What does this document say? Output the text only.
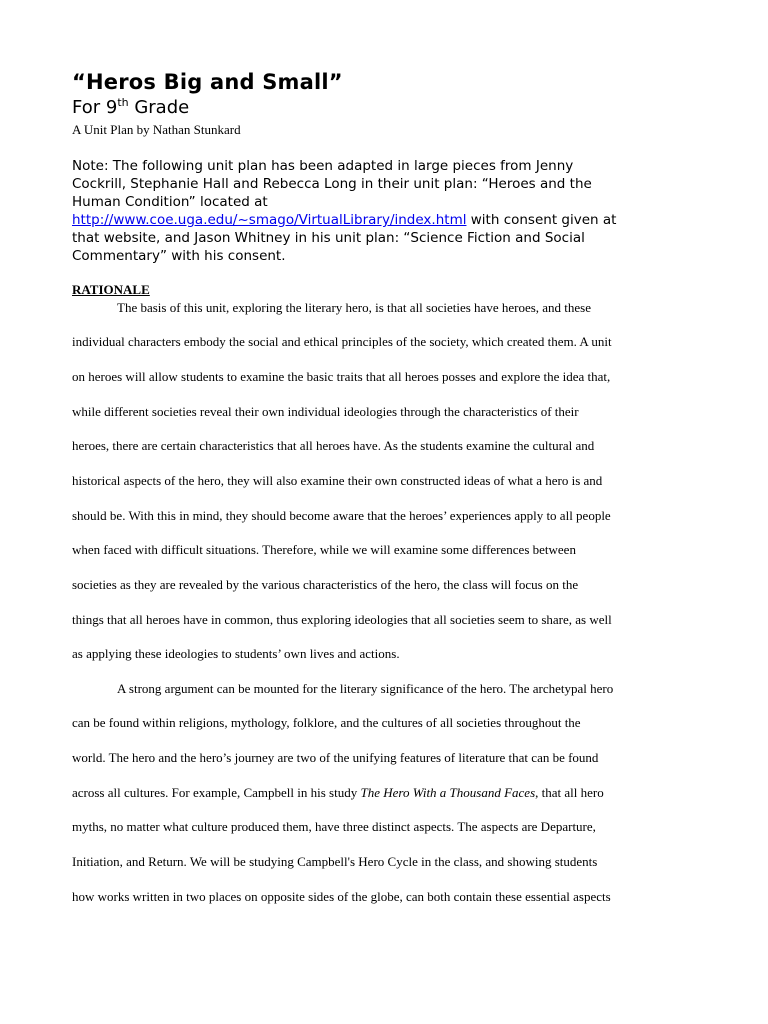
“Heros Big and Small”
For 9th Grade
A Unit Plan by Nathan Stunkard
Note: The following unit plan has been adapted in large pieces from Jenny
Cockrill, Stephanie Hall and Rebecca Long in their unit plan: “Heroes and the
Human Condition” located at
http://www.coe.uga.edu/~smago/VirtualLibrary/index.html with consent given at
that website, and Jason Whitney in his unit plan: “Science Fiction and Social
Commentary” with his consent.
RATIONALE
The basis of this unit, exploring the literary hero, is that all societies have heroes, and these
individual characters embody the social and ethical principles of the society, which created them. A unit
on heroes will allow students to examine the basic traits that all heroes posses and explore the idea that,
while different societies reveal their own individual ideologies through the characteristics of their
heroes, there are certain characteristics that all heroes have. As the students examine the cultural and
historical aspects of the hero, they will also examine their own constructed ideas of what a hero is and
should be. With this in mind, they should become aware that the heroes’ experiences apply to all people
when faced with difficult situations. Therefore, while we will examine some differences between
societies as they are revealed by the various characteristics of the hero, the class will focus on the
things that all heroes have in common, thus exploring ideologies that all societies seem to share, as well
as applying these ideologies to students’ own lives and actions.
A strong argument can be mounted for the literary significance of the hero. The archetypal hero
can be found within religions, mythology, folklore, and the cultures of all societies throughout the
world. The hero and the hero’s journey are two of the unifying features of literature that can be found
across all cultures. For example, Campbell in his study The Hero With a Thousand Faces, that all hero
myths, no matter what culture produced them, have three distinct aspects. The aspects are Departure,
Initiation, and Return. We will be studying Campbell's Hero Cycle in the class, and showing students
how works written in two places on opposite sides of the globe, can both contain these essential aspects
